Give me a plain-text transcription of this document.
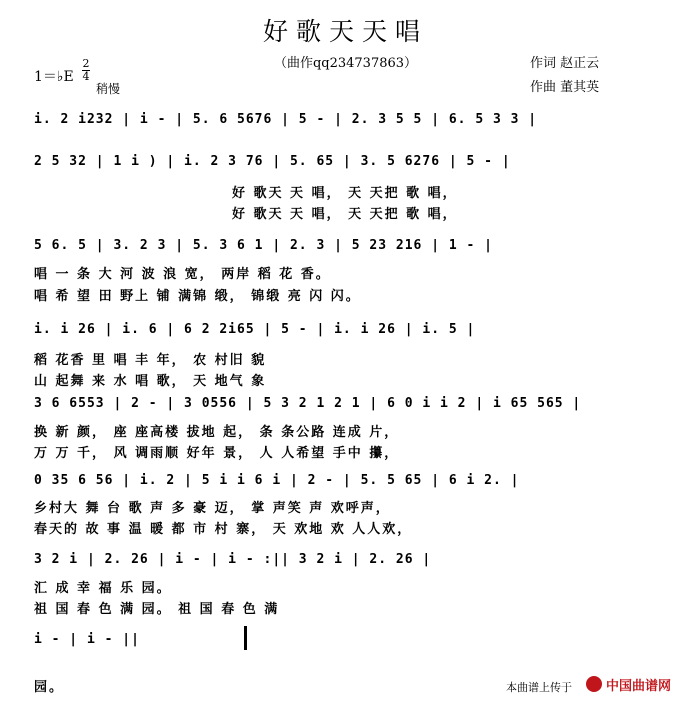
好歌天天唱
（曲作qq234737863）	作词 赵正云
作曲 董其英
1＝♭E
2
4
稍慢
i. 2 i232 | i - | 5. 6 5676 | 5 - | 2. 3 5 5 | 6. 5 3 3 |
2 5 32 | 1 i ) | i. 2 3 76 | 5. 65 | 3. 5 6276 | 5 - |
好 歌天 天 唱， 天 天把 歌 唱，
好 歌天 天 唱， 天 天把 歌 唱，
5 6. 5 | 3. 2 3 | 5. 3 6 1 | 2. 3 | 5 23 216 | 1 - |
唱 一 条 大 河 波 浪 宽， 两岸 稻 花 香。
唱 希 望 田 野上 铺 满锦 缎， 锦缎 亮 闪 闪。
i. i 26 | i. 6 | 6 2 2i65 | 5 - | i. i 26 | i. 5 |
稻 花香 里 唱 丰 年， 农 村旧 貌
山 起舞 来 水 唱 歌， 天 地气 象
3 6 6553 | 2 - | 3 0556 | 5 3 2 1 2 1 | 6 0 i i 2 | i 65 565 |
换 新 颜， 座 座高楼 拔地 起， 条 条公路 连成 片，
万 万 千， 风 调雨顺 好年 景， 人 人希望 手中 攥，
0 35 6 56 | i. 2 | 5 i i 6 i | 2 - | 5. 5 65 | 6 i 2. |
乡村大 舞 台 歌 声 多 豪 迈， 掌 声笑 声 欢呼声，
春天的 故 事 温 暖 都 市 村 寨， 天 欢地 欢 人人欢，
3 2 i | 2. 26 | i - | i - :|| 3 2 i | 2. 26 |
汇 成 幸 福 乐 园。
祖 国 春 色 满 园。 祖 国 春 色 满
i - | i - ||
园。	本曲谱上传于	中国曲谱网
